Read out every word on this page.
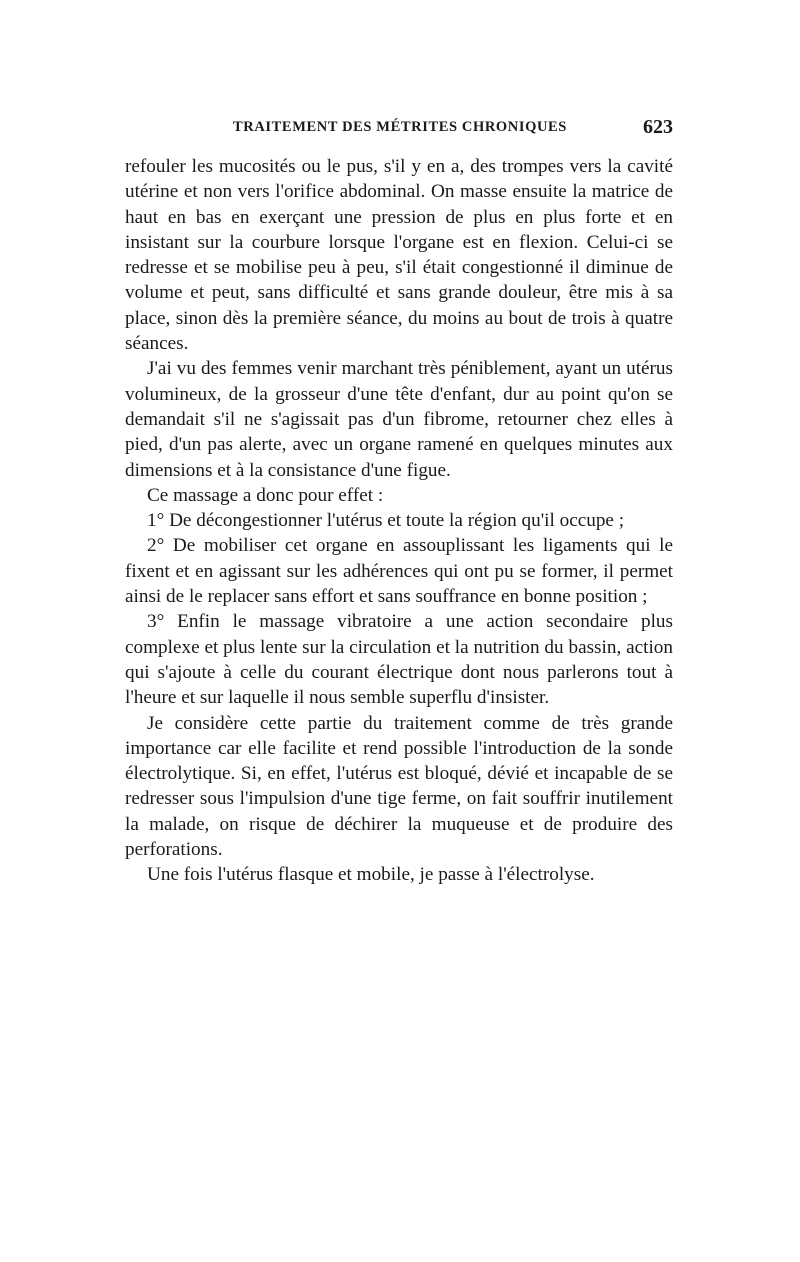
TRAITEMENT DES MÉTRITES CHRONIQUES	623

refouler les mucosités ou le pus, s'il y en a, des trompes vers la cavité utérine et non vers l'orifice abdominal. On masse ensuite la matrice de haut en bas en exerçant une pression de plus en plus forte et en insistant sur la courbure lorsque l'organe est en flexion. Celui-ci se redresse et se mobilise peu à peu, s'il était congestionné il diminue de volume et peut, sans difficulté et sans grande douleur, être mis à sa place, sinon dès la première séance, du moins au bout de trois à quatre séances.

J'ai vu des femmes venir marchant très péniblement, ayant un utérus volumineux, de la grosseur d'une tête d'enfant, dur au point qu'on se demandait s'il ne s'agissait pas d'un fibrome, retourner chez elles à pied, d'un pas alerte, avec un organe ramené en quelques minutes aux dimensions et à la consistance d'une figue.

Ce massage a donc pour effet :

1° De décongestionner l'utérus et toute la région qu'il occupe ;

2° De mobiliser cet organe en assouplissant les ligaments qui le fixent et en agissant sur les adhérences qui ont pu se former, il permet ainsi de le replacer sans effort et sans souffrance en bonne position ;

3° Enfin le massage vibratoire a une action secondaire plus complexe et plus lente sur la circulation et la nutrition du bassin, action qui s'ajoute à celle du courant électrique dont nous parlerons tout à l'heure et sur laquelle il nous semble superflu d'insister.

Je considère cette partie du traitement comme de très grande importance car elle facilite et rend possible l'introduction de la sonde électrolytique. Si, en effet, l'utérus est bloqué, dévié et incapable de se redresser sous l'impulsion d'une tige ferme, on fait souffrir inutilement la malade, on risque de déchirer la muqueuse et de produire des perforations.

Une fois l'utérus flasque et mobile, je passe à l'électrolyse.
